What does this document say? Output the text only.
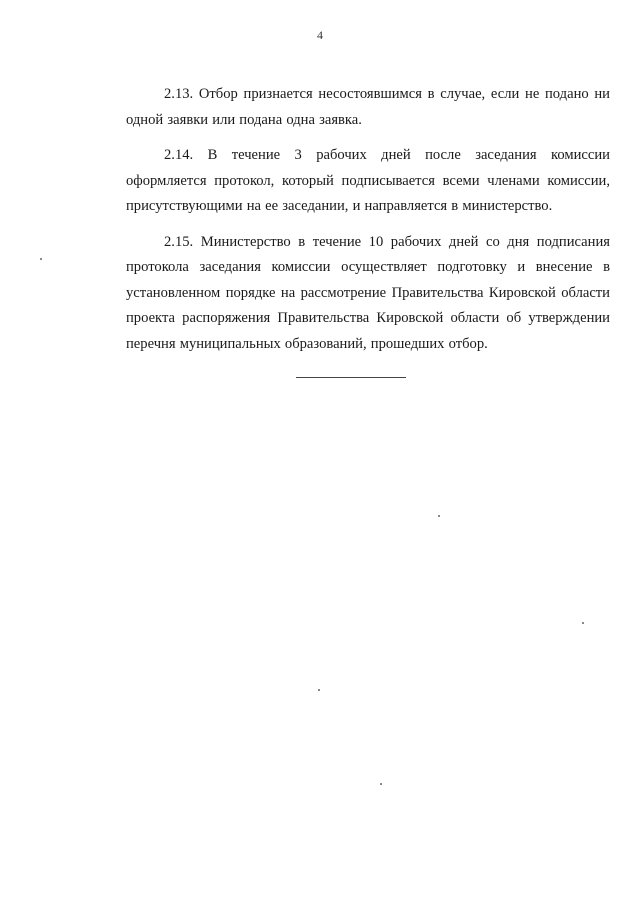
4

2.13. Отбор признается несостоявшимся в случае, если не подано ни одной заявки или подана одна заявка.

2.14. В течение 3 рабочих дней после заседания комиссии оформляется протокол, который подписывается всеми членами комиссии, присутствующими на ее заседании, и направляется в министерство.

2.15. Министерство в течение 10 рабочих дней со дня подписания протокола заседания комиссии осуществляет подготовку и внесение в установленном порядке на рассмотрение Правительства Кировской области проекта распоряжения Правительства Кировской области об утверждении перечня муниципальных образований, прошедших отбор.
